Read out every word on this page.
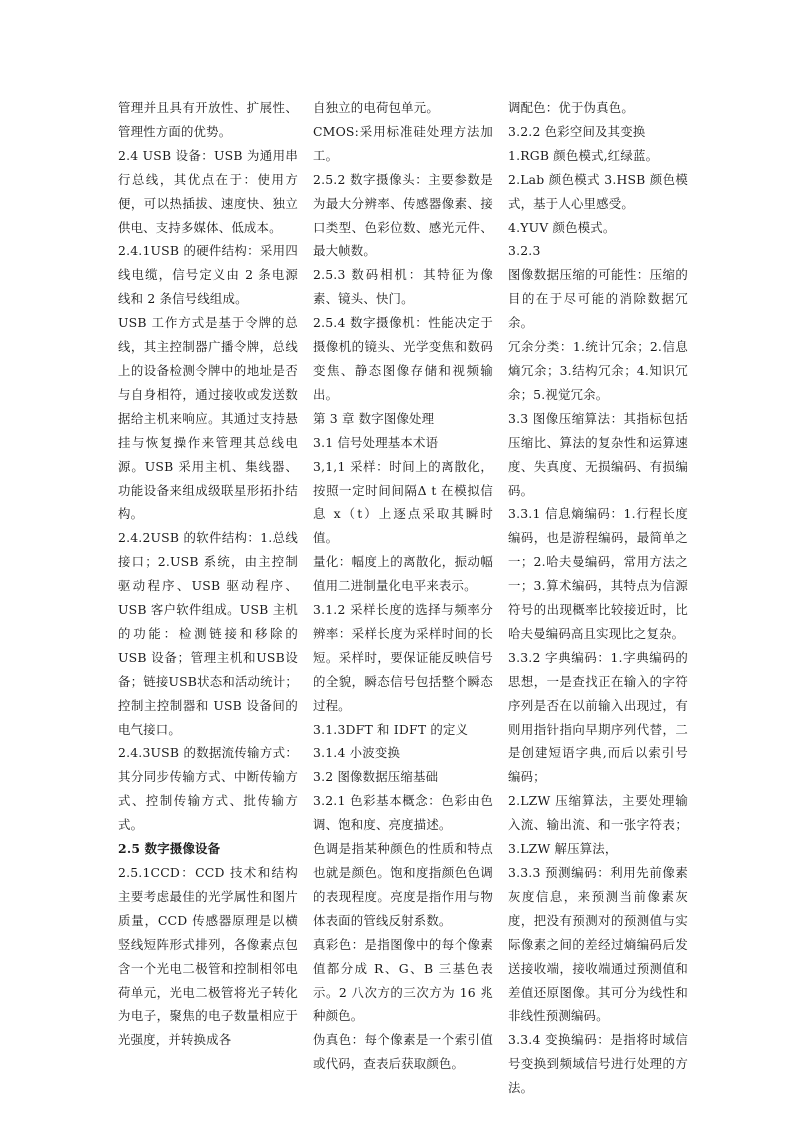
管理并且具有开放性、扩展性、管理性方面的优势。

2.4 USB 设备：USB 为通用串行总线，其优点在于：使用方便，可以热插拔、速度快、独立供电、支持多媒体、低成本。

2.4.1USB 的硬件结构：采用四线电缆，信号定义由 2 条电源线和 2 条信号线组成。

USB 工作方式是基于令牌的总线，其主控制器广播令牌，总线上的设备检测令牌中的地址是否与自身相符，通过接收或发送数据给主机来响应。其通过支持悬挂与恢复操作来管理其总线电源。USB 采用主机、集线器、功能设备来组成级联星形拓扑结构。

2.4.2USB 的软件结构：1.总线接口；2.USB 系统，由主控制驱动程序、USB 驱动程序、USB 客户软件组成。USB 主机的功能：检测链接和移除的 USB 设备；管理主机和USB设备；链接USB状态和活动统计；控制主控制器和 USB 设备间的电气接口。

2.4.3USB 的数据流传输方式：其分同步传输方式、中断传输方式、控制传输方式、批传输方式。

2.5 数字摄像设备

2.5.1CCD：CCD 技术和结构主要考虑最佳的光学属性和图片质量，CCD 传感器原理是以横竖线短阵形式排列，各像素点包含一个光电二极管和控制相邻电荷单元，光电二极管将光子转化为电子，聚焦的电子数量相应于光强度，并转换成各

自独立的电荷包单元。

CMOS:采用标准硅处理方法加工。

2.5.2 数字摄像头：主要参数是为最大分辨率、传感器像素、接口类型、色彩位数、感光元件、最大帧数。

2.5.3 数码相机：其特征为像素、镜头、快门。

2.5.4 数字摄像机：性能决定于摄像机的镜头、光学变焦和数码变焦、静态图像存储和视频输出。

第 3 章 数字图像处理

3.1 信号处理基本术语

3,1,1 采样：时间上的离散化，按照一定时间间隔Δ t 在模拟信息 x（t）上逐点采取其瞬时值。

量化：幅度上的离散化，振动幅值用二进制量化电平来表示。

3.1.2 采样长度的选择与频率分辨率：采样长度为采样时间的长短。采样时，要保证能反映信号的全貌，瞬态信号包括整个瞬态过程。

3.1.3DFT 和 IDFT 的定义

3.1.4 小波变换

3.2 图像数据压缩基础

3.2.1 色彩基本概念：色彩由色调、饱和度、亮度描述。

色调是指某种颜色的性质和特点也就是颜色。饱和度指颜色色调的表现程度。亮度是指作用与物体表面的管线反射系数。

真彩色：是指图像中的每个像素值都分成 R、G、B 三基色表示。2 八次方的三次方为 16 兆种颜色。

伪真色：每个像素是一个索引值或代码，查表后获取颜色。

调配色：优于伪真色。

3.2.2 色彩空间及其变换

1.RGB 颜色模式,红绿蓝。

2.Lab 颜色模式 3.HSB 颜色模式，基于人心里感受。

4.YUV 颜色模式。

3.2.3

图像数据压缩的可能性：压缩的目的在于尽可能的消除数据冗余。

冗余分类：1.统计冗余；2.信息熵冗余；3.结构冗余；4.知识冗余；5.视觉冗余。

3.3 图像压缩算法：其指标包括压缩比、算法的复杂性和运算速度、失真度、无损编码、有损编码。

3.3.1 信息熵编码：1.行程长度编码，也是游程编码，最简单之一；2.哈夫曼编码，常用方法之一；3.算术编码，其特点为信源符号的出现概率比较接近时，比哈夫曼编码高且实现比之复杂。

3.3.2 字典编码：1.字典编码的思想，一是查找正在输入的字符序列是否在以前输入出现过，有则用指针指向早期序列代替，二是创建短语字典,而后以索引号编码；

2.LZW 压缩算法，主要处理输入流、输出流、和一张字符表；3.LZW 解压算法，

3.3.3 预测编码：利用先前像素灰度信息，来预测当前像素灰度，把没有预测对的预测值与实际像素之间的差经过熵编码后发送接收端，接收端通过预测值和差值还原图像。其可分为线性和非线性预测编码。

3.3.4 变换编码：是指将时域信号变换到频域信号进行处理的方法。
